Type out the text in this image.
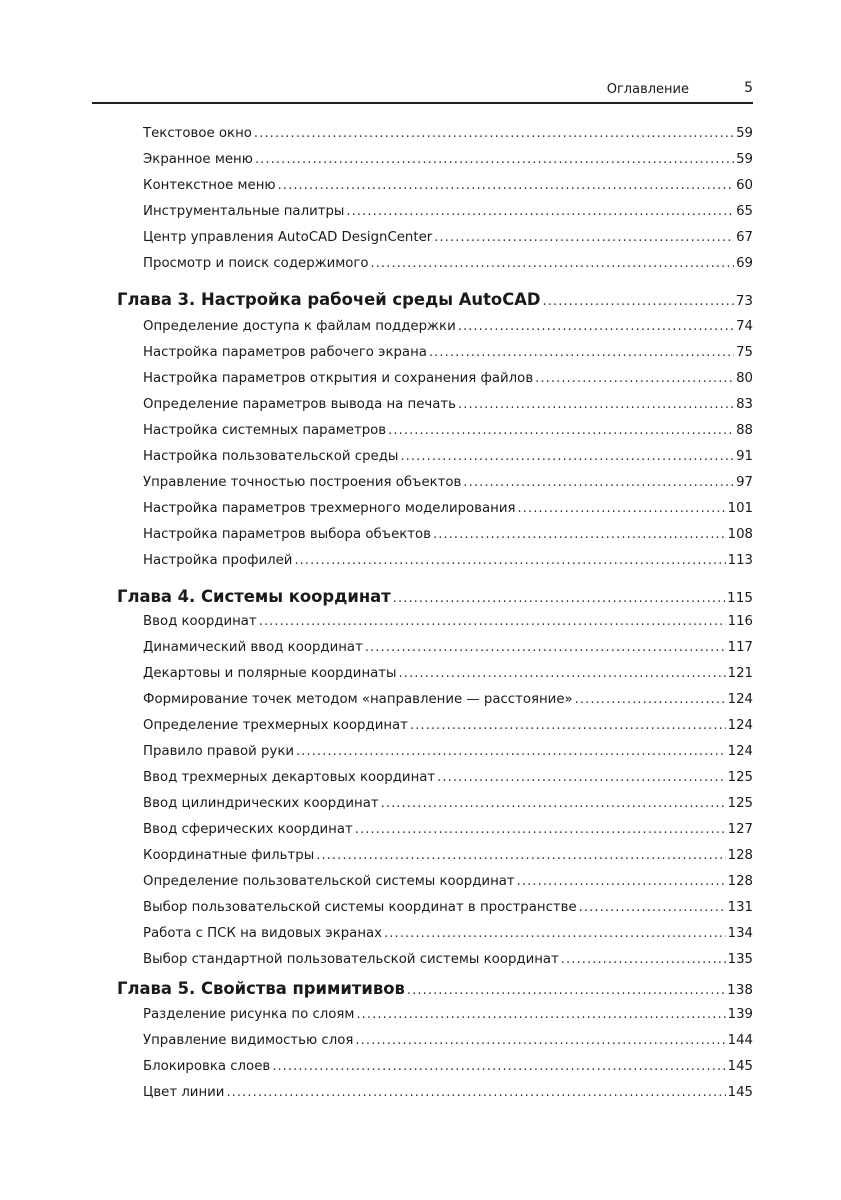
Оглавление	5
Текстовое окно .....	59
Экранное меню .....	59
Контекстное меню .....	60
Инструментальные палитры .....	65
Центр управления AutoCAD DesignCenter .....	67
Просмотр и поиск содержимого .....	69
Глава 3. Настройка рабочей среды AutoCAD .....	73
Определение доступа к файлам поддержки .....	74
Настройка параметров рабочего экрана .....	75
Настройка параметров открытия и сохранения файлов .....	80
Определение параметров вывода на печать .....	83
Настройка системных параметров .....	88
Настройка пользовательской среды .....	91
Управление точностью построения объектов .....	97
Настройка параметров трехмерного моделирования .....	101
Настройка параметров выбора объектов .....	108
Настройка профилей .....	113
Глава 4. Системы координат .....	115
Ввод координат .....	116
Динамический ввод координат .....	117
Декартовы и полярные координаты .....	121
Формирование точек методом «направление — расстояние» .....	124
Определение трехмерных координат .....	124
Правило правой руки .....	124
Ввод трехмерных декартовых координат .....	125
Ввод цилиндрических координат .....	125
Ввод сферических координат .....	127
Координатные фильтры .....	128
Определение пользовательской системы координат .....	128
Выбор пользовательской системы координат в пространстве .....	131
Работа с ПСК на видовых экранах .....	134
Выбор стандартной пользовательской системы координат .....	135
Глава 5. Свойства примитивов .....	138
Разделение рисунка по слоям .....	139
Управление видимостью слоя .....	144
Блокировка слоев .....	145
Цвет линии .....	145
